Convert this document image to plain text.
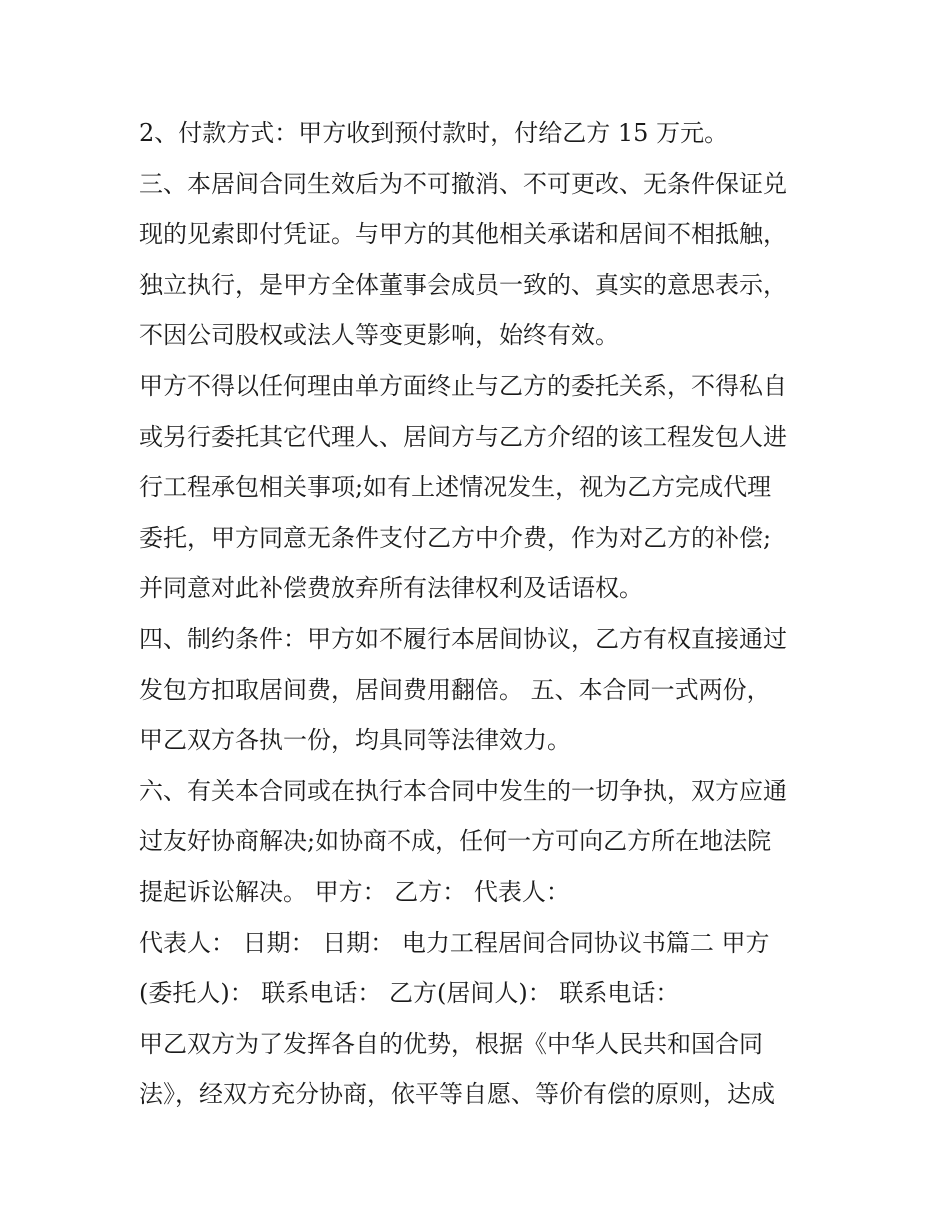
2、付款方式：甲方收到预付款时，付给乙方 15 万元。
三、本居间合同生效后为不可撤消、不可更改、无条件保证兑
现的见索即付凭证。与甲方的其他相关承诺和居间不相抵触，
独立执行，是甲方全体董事会成员一致的、真实的意思表示，
不因公司股权或法人等变更影响，始终有效。
甲方不得以任何理由单方面终止与乙方的委托关系，不得私自
或另行委托其它代理人、居间方与乙方介绍的该工程发包人进
行工程承包相关事项;如有上述情况发生，视为乙方完成代理
委托，甲方同意无条件支付乙方中介费，作为对乙方的补偿;
并同意对此补偿费放弃所有法律权利及话语权。
四、制约条件：甲方如不履行本居间协议，乙方有权直接通过
发包方扣取居间费，居间费用翻倍。 五、本合同一式两份，
甲乙双方各执一份，均具同等法律效力。
六、有关本合同或在执行本合同中发生的一切争执，双方应通
过友好协商解决;如协商不成，任何一方可向乙方所在地法院
提起诉讼解决。 甲方： 乙方： 代表人：
代表人： 日期： 日期： 电力工程居间合同协议书篇二 甲方
(委托人)： 联系电话： 乙方(居间人)： 联系电话：
甲乙双方为了发挥各自的优势，根据《中华人民共和国合同
法》，经双方充分协商，依平等自愿、等价有偿的原则，达成
